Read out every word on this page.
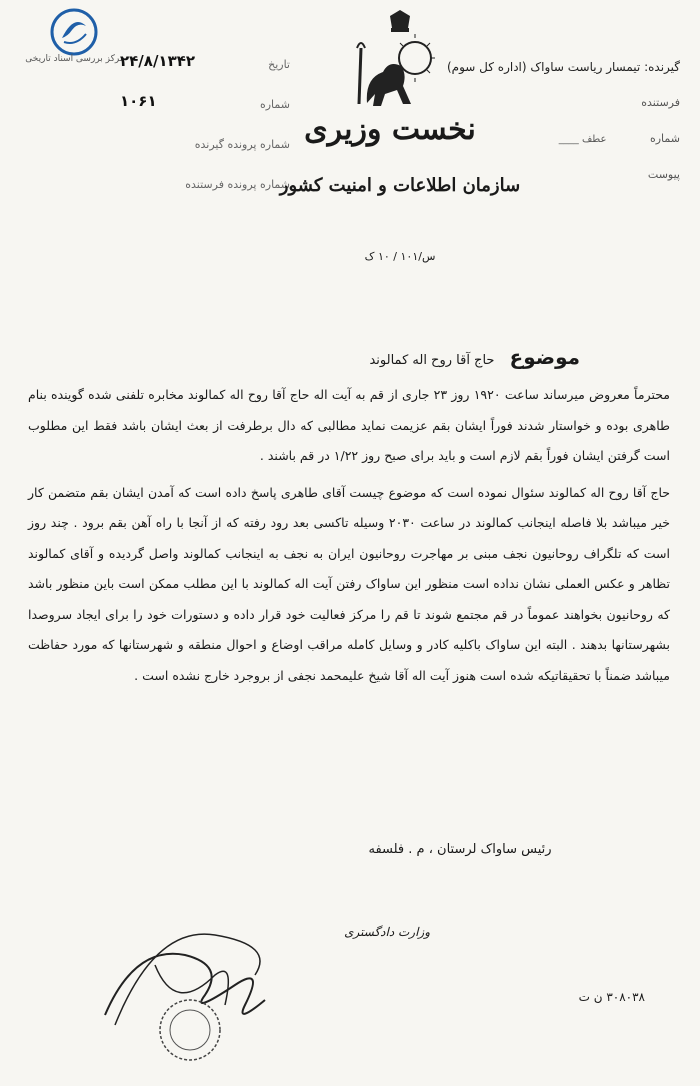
مرکز بررسی اسناد تاریخی	تاریخ
۲۴/۸/۱۳۴۲
شماره
۱۰۶۱
شماره پرونده گیرنده
شماره پرونده فرستنده
نخست وزیری
سازمان اطلاعات و امنیت کشور
س/۱۰۱ / ۱۰ ک
گیرنده: تیمسار ریاست ساواک (اداره کل سوم)
فرستنده
شماره عطف ____
پیوست
موضوع حاج آقا روح اله کمالوند

محترماً معروض میرساند ساعت ۱۹۲۰ روز ۲۳ جاری از قم به آیت اله حاج آقا روح اله کمالوند مخابره تلفنی شده گوینده بنام طاهری بوده و خواستار شدند فوراً ایشان بقم عزیمت نماید مطالبی که دال برطرفت از بعث ایشان باشد فقط این مطلوب است گرفتن ایشان فوراً بقم لازم است و باید برای صبح روز ۱/۲۲ در قم باشند .

حاج آقا روح اله کمالوند سئوال نموده است که موضوع چیست آقای طاهری پاسخ داده است که آمدن ایشان بقم متضمن کار خیر میباشد بلا فاصله اینجانب کمالوند در ساعت ۲۰۳۰ وسیله تاکسی بعد رود رفته که از آنجا با راه آهن بقم برود . چند روز است که تلگراف روحانیون نجف مبنی بر مهاجرت روحانیون ایران به نجف به اینجانب کمالوند واصل گردیده و آقای کمالوند تظاهر و عکس العملی نشان نداده است منظور این ساواک رفتن آیت اله کمالوند با این مطلب ممکن است باین منظور باشد که روحانیون بخواهند عموماً در قم مجتمع شوند تا قم را مرکز فعالیت خود قرار داده و دستورات خود را برای ایجاد سروصدا بشهرستانها بدهند . البته این ساواک باکلیه کادر و وسایل کامله مراقب اوضاع و احوال منطقه و شهرستانها که مورد حفاظت میباشد ضمناً با تحقیقاتیکه شده است هنوز آیت اله آقا شیخ علیمحمد نجفی از بروجرد خارج نشده است .

رئیس ساواک لرستان ، م . فلسفه
وزارت دادگستری
۳۰۸۰۳۸ ن ت
